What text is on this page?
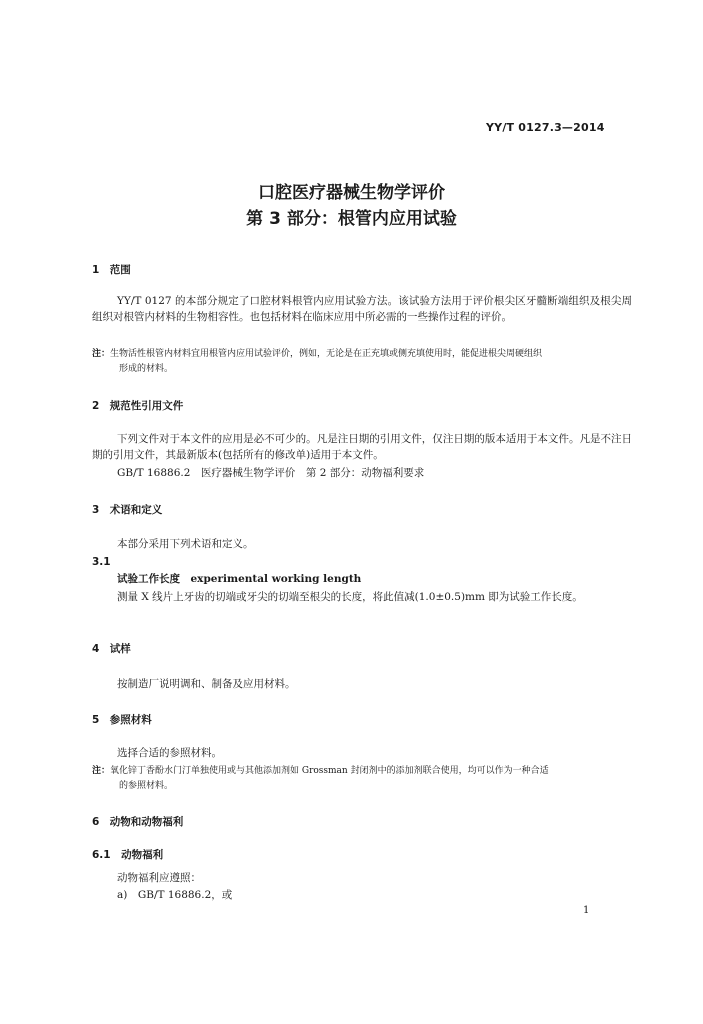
YY/T 0127.3—2014
口腔医疗器械生物学评价
第 3 部分：根管内应用试验
1　范围
YY/T 0127 的本部分规定了口腔材料根管内应用试验方法。该试验方法用于评价根尖区牙髓断端组织及根尖周组织对根管内材料的生物相容性。也包括材料在临床应用中所必需的一些操作过程的评价。
注：生物活性根管内材料宜用根管内应用试验评价，例如，无论是在正充填或侧充填使用时，能促进根尖周硬组织
形成的材料。
2　规范性引用文件
下列文件对于本文件的应用是必不可少的。凡是注日期的引用文件，仅注日期的版本适用于本文件。凡是不注日期的引用文件，其最新版本(包括所有的修改单)适用于本文件。
GB/T 16886.2　医疗器械生物学评价　第 2 部分：动物福利要求
3　术语和定义
本部分采用下列术语和定义。
3.1
试验工作长度　experimental working length
测量 X 线片上牙齿的切端或牙尖的切端至根尖的长度，将此值减(1.0±0.5)mm 即为试验工作长度。
4　试样
按制造厂说明调和、制备及应用材料。
5　参照材料
选择合适的参照材料。
注：氧化锌丁香酚水门汀单独使用或与其他添加剂如 Grossman 封闭剂中的添加剂联合使用，均可以作为一种合适
的参照材料。
6　动物和动物福利
6.1　动物福利
动物福利应遵照：
a)　GB/T 16886.2，或
1
